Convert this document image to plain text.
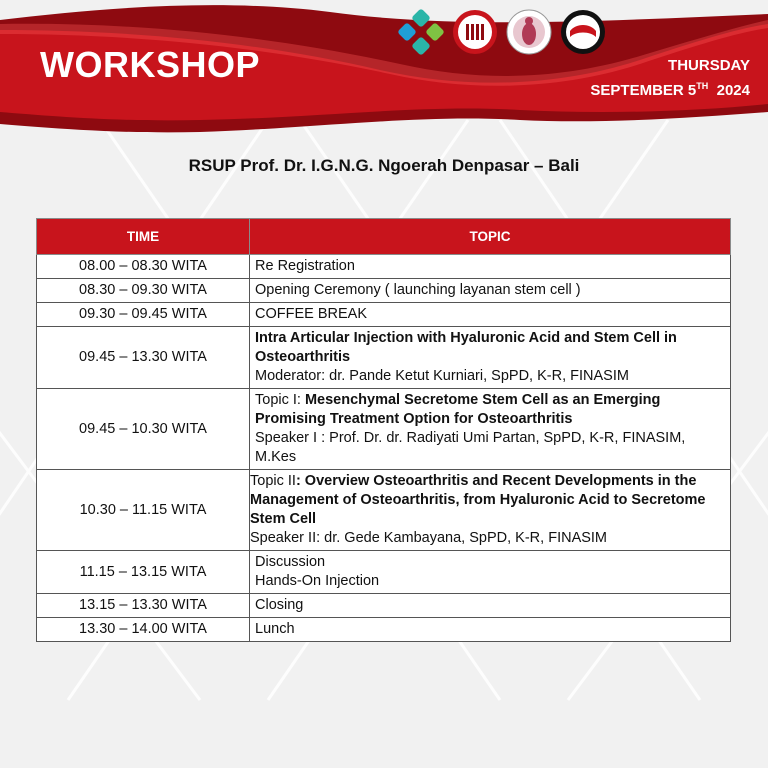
WORKSHOP	THURSDAY
SEPTEMBER 5TH 2024
RSUP Prof. Dr. I.G.N.G. Ngoerah Denpasar – Bali
TIME	TOPIC
08.00 – 08.30 WITA	Re Registration
08.30 – 09.30 WITA	Opening Ceremony ( launching layanan stem cell )
09.30 – 09.45 WITA	COFFEE BREAK
09.45 – 13.30 WITA	Intra Articular Injection with Hyaluronic Acid and Stem Cell in Osteoarthritis
Moderator: dr. Pande Ketut Kurniari, SpPD, K-R, FINASIM

09.45 – 10.30 WITA	Topic I: Mesenchymal Secretome Stem Cell as an Emerging Promising Treatment Option for Osteoarthritis
Speaker I : Prof. Dr. dr. Radiyati Umi Partan, SpPD, K-R, FINASIM, M.Kes

10.30 – 11.15 WITA	Topic II: Overview Osteoarthritis and Recent Developments in the Management of Osteoarthritis, from Hyaluronic Acid to Secretome Stem Cell
Speaker II: dr. Gede Kambayana, SpPD, K-R, FINASIM

11.15 – 13.15 WITA	Discussion
Hands-On Injection

13.15 – 13.30 WITA	Closing
13.30 – 14.00 WITA	Lunch
